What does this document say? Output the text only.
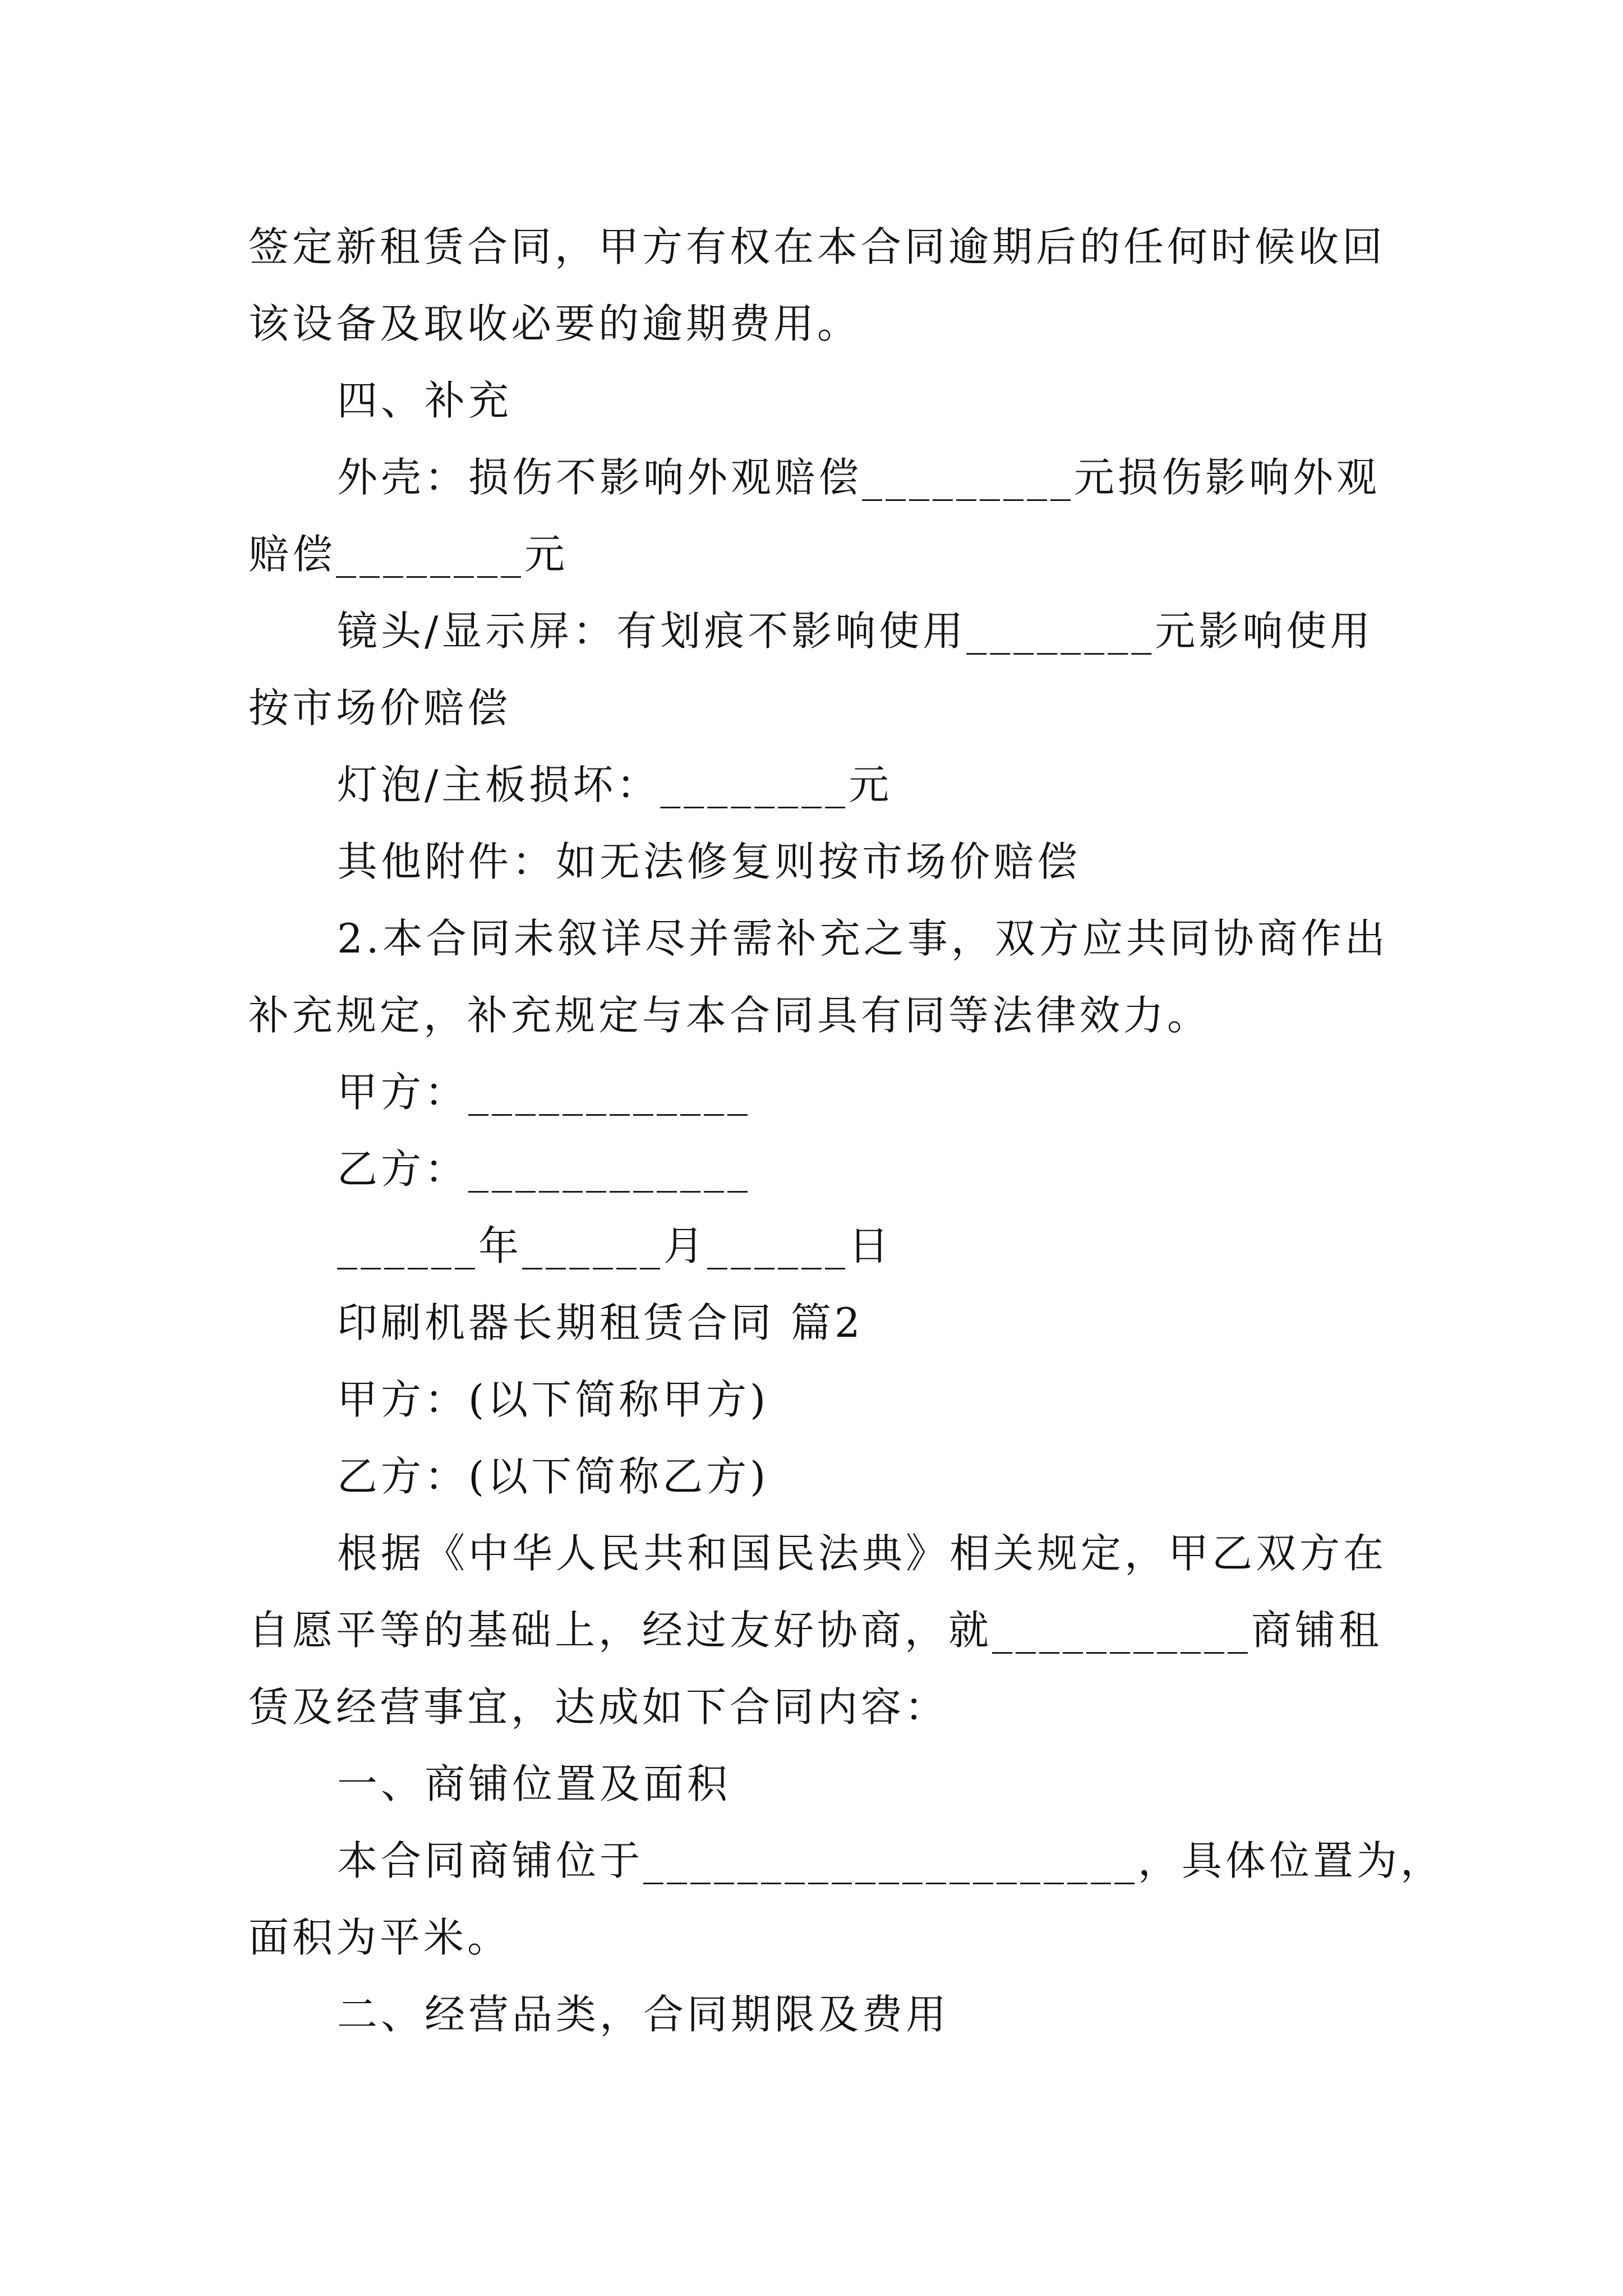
签定新租赁合同，甲方有权在本合同逾期后的任何时候收回
该设备及取收必要的逾期费用。
四、补充
外壳：损伤不影响外观赔偿_________元损伤影响外观
赔偿________元
镜头/显示屏：有划痕不影响使用________元影响使用
按市场价赔偿
灯泡/主板损坏：________元
其他附件：如无法修复则按市场价赔偿
2.本合同未叙详尽并需补充之事，双方应共同协商作出
补充规定，补充规定与本合同具有同等法律效力。
甲方：____________
乙方：____________
______年______月______日
印刷机器长期租赁合同 篇2
甲方：(以下简称甲方)
乙方：(以下简称乙方)
根据《中华人民共和国民法典》相关规定，甲乙双方在
自愿平等的基础上，经过友好协商，就___________商铺租
赁及经营事宜，达成如下合同内容：
一、商铺位置及面积
本合同商铺位于_____________________，具体位置为，
面积为平米。
二、经营品类，合同期限及费用
